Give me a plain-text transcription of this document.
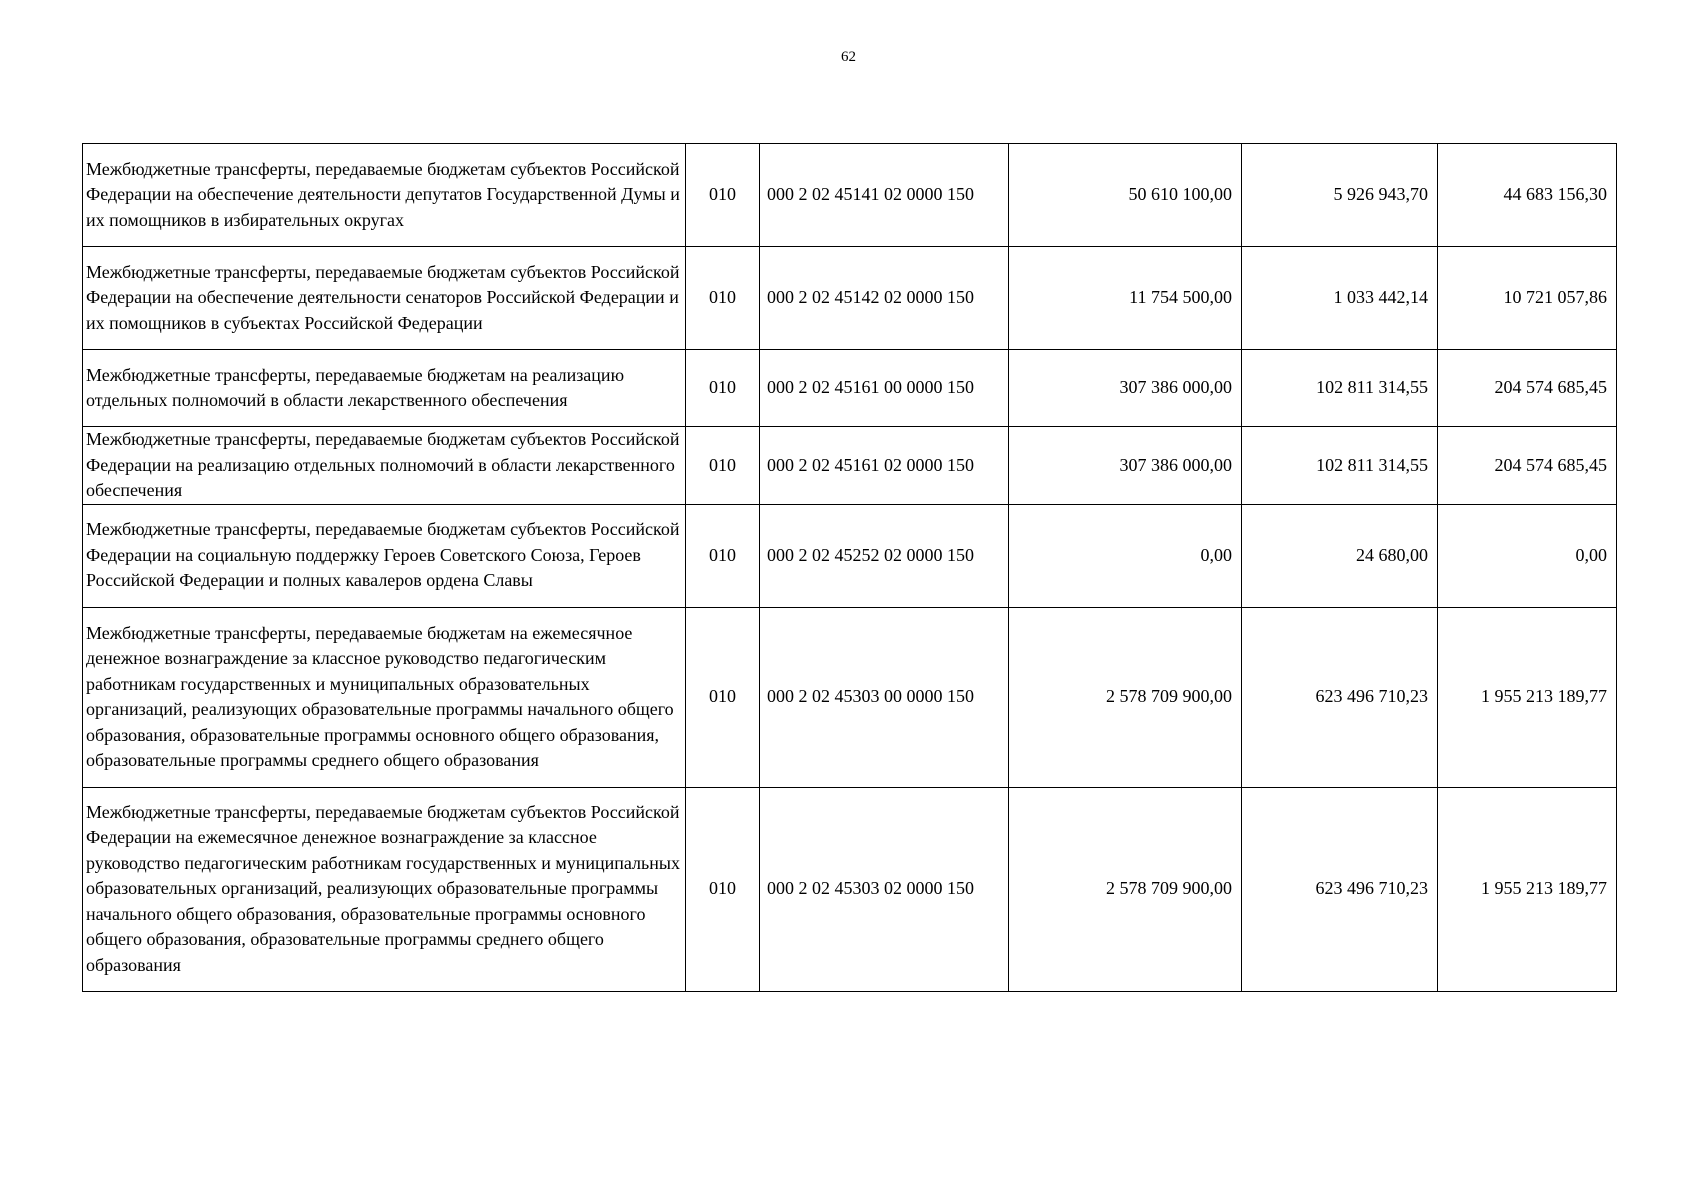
62
Межбюджетные трансферты, передаваемые бюджетам субъектов Российской Федерации на обеспечение деятельности депутатов Государственной Думы и их помощников в избирательных округах	010	000 2 02 45141 02 0000 150	50 610 100,00	5 926 943,70	44 683 156,30
Межбюджетные трансферты, передаваемые бюджетам субъектов Российской Федерации на обеспечение деятельности сенаторов Российской Федерации и их помощников в субъектах Российской Федерации	010	000 2 02 45142 02 0000 150	11 754 500,00	1 033 442,14	10 721 057,86
Межбюджетные трансферты, передаваемые бюджетам на реализацию отдельных полномочий в области лекарственного обеспечения	010	000 2 02 45161 00 0000 150	307 386 000,00	102 811 314,55	204 574 685,45
Межбюджетные трансферты, передаваемые бюджетам субъектов Российской Федерации на реализацию отдельных полномочий в области лекарственного обеспечения	010	000 2 02 45161 02 0000 150	307 386 000,00	102 811 314,55	204 574 685,45
Межбюджетные трансферты, передаваемые бюджетам субъектов Российской Федерации на социальную поддержку Героев Советского Союза, Героев Российской Федерации и полных кавалеров ордена Славы	010	000 2 02 45252 02 0000 150	0,00	24 680,00	0,00
Межбюджетные трансферты, передаваемые бюджетам на ежемесячное денежное вознаграждение за классное руководство педагогическим работникам государственных и муниципальных образовательных организаций, реализующих образовательные программы начального общего образования, образовательные программы основного общего образования, образовательные программы среднего общего образования	010	000 2 02 45303 00 0000 150	2 578 709 900,00	623 496 710,23	1 955 213 189,77
Межбюджетные трансферты, передаваемые бюджетам субъектов Российской Федерации на ежемесячное денежное вознаграждение за классное руководство педагогическим работникам государственных и муниципальных образовательных организаций, реализующих образовательные программы начального общего образования, образовательные программы основного общего образования, образовательные программы среднего общего образования	010	000 2 02 45303 02 0000 150	2 578 709 900,00	623 496 710,23	1 955 213 189,77
